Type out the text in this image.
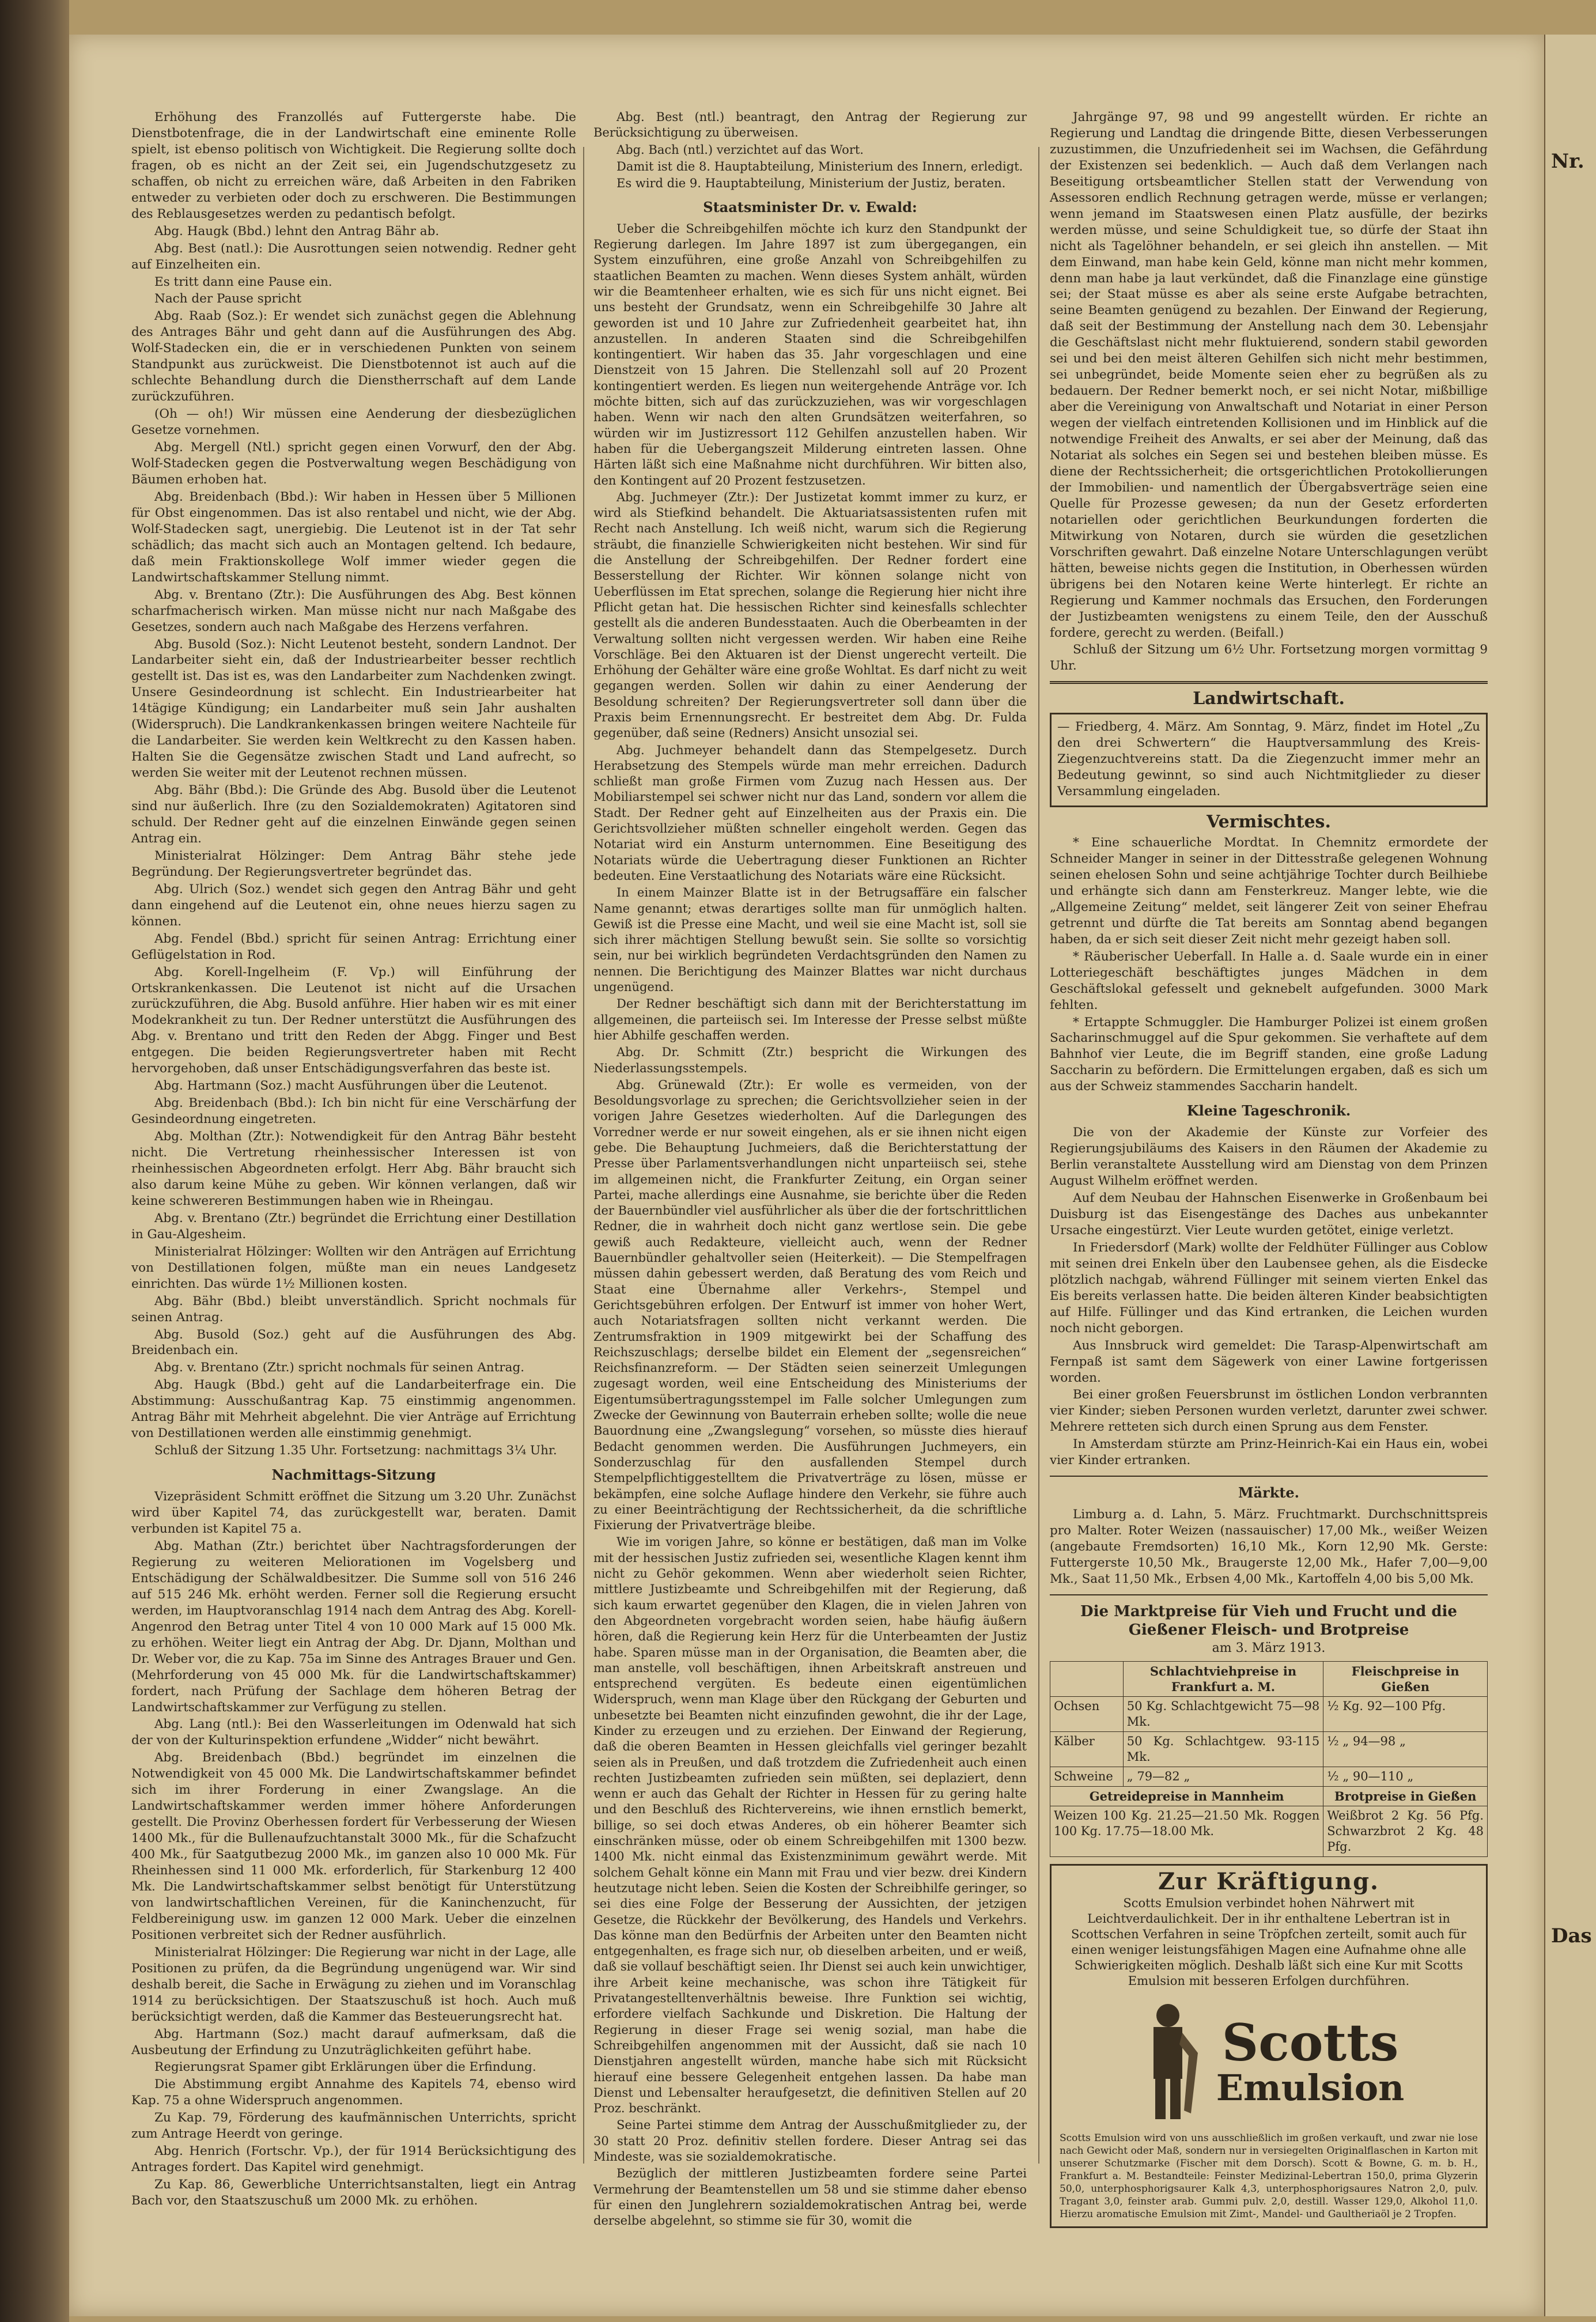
Erhöhung des Franzollés auf Futtergerste habe. Die Dienstbotenfrage, die in der Landwirtschaft eine eminente Rolle spielt, ist ebenso politisch von Wichtigkeit. Die Regierung sollte doch fragen, ob es nicht an der Zeit sei, ein Jugendschutzgesetz zu schaffen, ob nicht zu erreichen wäre, daß Arbeiten in den Fabriken entweder zu verbieten oder doch zu erschweren. Die Bestimmungen des Reblausgesetzes werden zu pedantisch befolgt.

Abg. Haugk (Bbd.) lehnt den Antrag Bähr ab.

Abg. Best (natl.): Die Ausrottungen seien notwendig. Redner geht auf Einzelheiten ein.

Es tritt dann eine Pause ein.

Nach der Pause spricht

Abg. Raab (Soz.): Er wendet sich zunächst gegen die Ablehnung des Antrages Bähr und geht dann auf die Ausführungen des Abg. Wolf-Stadecken ein, die er in verschiedenen Punkten von seinem Standpunkt aus zurückweist. Die Dienstbotennot ist auch auf die schlechte Behandlung durch die Dienstherrschaft auf dem Lande zurückzuführen.

(Oh — oh!) Wir müssen eine Aenderung der diesbezüglichen Gesetze vornehmen.

Abg. Mergell (Ntl.) spricht gegen einen Vorwurf, den der Abg. Wolf-Stadecken gegen die Postverwaltung wegen Beschädigung von Bäumen erhoben hat.

Abg. Breidenbach (Bbd.): Wir haben in Hessen über 5 Millionen für Obst eingenommen. Das ist also rentabel und nicht, wie der Abg. Wolf-Stadecken sagt, unergiebig. Die Leutenot ist in der Tat sehr schädlich; das macht sich auch an Montagen geltend. Ich bedaure, daß mein Fraktionskollege Wolf immer wieder gegen die Landwirtschaftskammer Stellung nimmt.

Abg. v. Brentano (Ztr.): Die Ausführungen des Abg. Best können scharfmacherisch wirken. Man müsse nicht nur nach Maßgabe des Gesetzes, sondern auch nach Maßgabe des Herzens verfahren.

Abg. Busold (Soz.): Nicht Leutenot besteht, sondern Landnot. Der Landarbeiter sieht ein, daß der Industriearbeiter besser rechtlich gestellt ist. Das ist es, was den Landarbeiter zum Nachdenken zwingt. Unsere Gesindeordnung ist schlecht. Ein Industriearbeiter hat 14tägige Kündigung; ein Landarbeiter muß sein Jahr aushalten (Widerspruch). Die Landkrankenkassen bringen weitere Nachteile für die Landarbeiter. Sie werden kein Weltkrecht zu den Kassen haben. Halten Sie die Gegensätze zwischen Stadt und Land aufrecht, so werden Sie weiter mit der Leutenot rechnen müssen.

Abg. Bähr (Bbd.): Die Gründe des Abg. Busold über die Leutenot sind nur äußerlich. Ihre (zu den Sozialdemokraten) Agitatoren sind schuld. Der Redner geht auf die einzelnen Einwände gegen seinen Antrag ein.

Ministerialrat Hölzinger: Dem Antrag Bähr stehe jede Begründung. Der Regierungsvertreter begründet das.

Abg. Ulrich (Soz.) wendet sich gegen den Antrag Bähr und geht dann eingehend auf die Leutenot ein, ohne neues hierzu sagen zu können.

Abg. Fendel (Bbd.) spricht für seinen Antrag: Errichtung einer Geflügelstation in Rod.

Abg. Korell-Ingelheim (F. Vp.) will Einführung der Ortskrankenkassen. Die Leutenot ist nicht auf die Ursachen zurückzuführen, die Abg. Busold anführe. Hier haben wir es mit einer Modekrankheit zu tun. Der Redner unterstützt die Ausführungen des Abg. v. Brentano und tritt den Reden der Abgg. Finger und Best entgegen. Die beiden Regierungsvertreter haben mit Recht hervorgehoben, daß unser Entschädigungsverfahren das beste ist.

Abg. Hartmann (Soz.) macht Ausführungen über die Leutenot.

Abg. Breidenbach (Bbd.): Ich bin nicht für eine Verschärfung der Gesindeordnung eingetreten.

Abg. Molthan (Ztr.): Notwendigkeit für den Antrag Bähr besteht nicht. Die Vertretung rheinhessischer Interessen ist von rheinhessischen Abgeordneten erfolgt. Herr Abg. Bähr braucht sich also darum keine Mühe zu geben. Wir können verlangen, daß wir keine schwereren Bestimmungen haben wie in Rheingau.

Abg. v. Brentano (Ztr.) begründet die Errichtung einer Destillation in Gau-Algesheim.

Ministerialrat Hölzinger: Wollten wir den Anträgen auf Errichtung von Destillationen folgen, müßte man ein neues Landgesetz einrichten. Das würde 1½ Millionen kosten.

Abg. Bähr (Bbd.) bleibt unverständlich. Spricht nochmals für seinen Antrag.

Abg. Busold (Soz.) geht auf die Ausführungen des Abg. Breidenbach ein.

Abg. v. Brentano (Ztr.) spricht nochmals für seinen Antrag.

Abg. Haugk (Bbd.) geht auf die Landarbeiterfrage ein. Die Abstimmung: Ausschußantrag Kap. 75 einstimmig angenommen. Antrag Bähr mit Mehrheit abgelehnt. Die vier Anträge auf Errichtung von Destillationen werden alle einstimmig genehmigt.

Schluß der Sitzung 1.35 Uhr. Fortsetzung: nachmittags 3¼ Uhr.

Nachmittags-Sitzung

Vizepräsident Schmitt eröffnet die Sitzung um 3.20 Uhr. Zunächst wird über Kapitel 74, das zurückgestellt war, beraten. Damit verbunden ist Kapitel 75 a.

Abg. Mathan (Ztr.) berichtet über Nachtragsforderungen der Regierung zu weiteren Meliorationen im Vogelsberg und Entschädigung der Schälwaldbesitzer. Die Summe soll von 516 246 auf 515 246 Mk. erhöht werden. Ferner soll die Regierung ersucht werden, im Hauptvoranschlag 1914 nach dem Antrag des Abg. Korell-Angenrod den Betrag unter Titel 4 von 10 000 Mark auf 15 000 Mk. zu erhöhen. Weiter liegt ein Antrag der Abg. Dr. Djann, Molthan und Dr. Weber vor, die zu Kap. 75a im Sinne des Antrages Brauer und Gen. (Mehrforderung von 45 000 Mk. für die Landwirtschaftskammer) fordert, nach Prüfung der Sachlage dem höheren Betrag der Landwirtschaftskammer zur Verfügung zu stellen.

Abg. Lang (ntl.): Bei den Wasserleitungen im Odenwald hat sich der von der Kulturinspektion erfundene „Widder“ nicht bewährt.

Abg. Breidenbach (Bbd.) begründet im einzelnen die Notwendigkeit von 45 000 Mk. Die Landwirtschaftskammer befindet sich im ihrer Forderung in einer Zwangslage. An die Landwirtschaftskammer werden immer höhere Anforderungen gestellt. Die Provinz Oberhessen fordert für Verbesserung der Wiesen 1400 Mk., für die Bullenaufzuchtanstalt 3000 Mk., für die Schafzucht 400 Mk., für Saatgutbezug 2000 Mk., im ganzen also 10 000 Mk. Für Rheinhessen sind 11 000 Mk. erforderlich, für Starkenburg 12 400 Mk. Die Landwirtschaftskammer selbst benötigt für Unterstützung von landwirtschaftlichen Vereinen, für die Kaninchenzucht, für Feldbereinigung usw. im ganzen 12 000 Mark. Ueber die einzelnen Positionen verbreitet sich der Redner ausführlich.

Ministerialrat Hölzinger: Die Regierung war nicht in der Lage, alle Positionen zu prüfen, da die Begründung ungenügend war. Wir sind deshalb bereit, die Sache in Erwägung zu ziehen und im Voranschlag 1914 zu berücksichtigen. Der Staatszuschuß ist hoch. Auch muß berücksichtigt werden, daß die Kammer das Besteuerungsrecht hat.

Abg. Hartmann (Soz.) macht darauf aufmerksam, daß die Ausbeutung der Erfindung zu Unzuträglichkeiten geführt habe.

Regierungsrat Spamer gibt Erklärungen über die Erfindung.

Die Abstimmung ergibt Annahme des Kapitels 74, ebenso wird Kap. 75 a ohne Widerspruch angenommen.

Zu Kap. 79, Förderung des kaufmännischen Unterrichts, spricht zum Antrage Heerdt von geringe.

Abg. Henrich (Fortschr. Vp.), der für 1914 Berücksichtigung des Antrages fordert. Das Kapitel wird genehmigt.

Zu Kap. 86, Gewerbliche Unterrichtsanstalten, liegt ein Antrag Bach vor, den Staatszuschuß um 2000 Mk. zu erhöhen.

Abg. Best (ntl.) beantragt, den Antrag der Regierung zur Berücksichtigung zu überweisen.

Abg. Bach (ntl.) verzichtet auf das Wort.

Damit ist die 8. Hauptabteilung, Ministerium des Innern, erledigt.

Es wird die 9. Hauptabteilung, Ministerium der Justiz, beraten.

Staatsminister Dr. v. Ewald:

Ueber die Schreibgehilfen möchte ich kurz den Standpunkt der Regierung darlegen. Im Jahre 1897 ist zum übergegangen, ein System einzuführen, eine große Anzahl von Schreibgehilfen zu staatlichen Beamten zu machen. Wenn dieses System anhält, würden wir die Beamtenheer erhalten, wie es sich für uns nicht eignet. Bei uns besteht der Grundsatz, wenn ein Schreibgehilfe 30 Jahre alt geworden ist und 10 Jahre zur Zufriedenheit gearbeitet hat, ihn anzustellen. In anderen Staaten sind die Schreibgehilfen kontingentiert. Wir haben das 35. Jahr vorgeschlagen und eine Dienstzeit von 15 Jahren. Die Stellenzahl soll auf 20 Prozent kontingentiert werden. Es liegen nun weitergehende Anträge vor. Ich möchte bitten, sich auf das zurückzuziehen, was wir vorgeschlagen haben. Wenn wir nach den alten Grundsätzen weiterfahren, so würden wir im Justizressort 112 Gehilfen anzustellen haben. Wir haben für die Uebergangszeit Milderung eintreten lassen. Ohne Härten läßt sich eine Maßnahme nicht durchführen. Wir bitten also, den Kontingent auf 20 Prozent festzusetzen.

Abg. Juchmeyer (Ztr.): Der Justizetat kommt immer zu kurz, er wird als Stiefkind behandelt. Die Aktuariatsassistenten rufen mit Recht nach Anstellung. Ich weiß nicht, warum sich die Regierung sträubt, die finanzielle Schwierigkeiten nicht bestehen. Wir sind für die Anstellung der Schreibgehilfen. Der Redner fordert eine Besserstellung der Richter. Wir können solange nicht von Ueberflüssen im Etat sprechen, solange die Regierung hier nicht ihre Pflicht getan hat. Die hessischen Richter sind keinesfalls schlechter gestellt als die anderen Bundesstaaten. Auch die Oberbeamten in der Verwaltung sollten nicht vergessen werden. Wir haben eine Reihe Vorschläge. Bei den Aktuaren ist der Dienst ungerecht verteilt. Die Erhöhung der Gehälter wäre eine große Wohltat. Es darf nicht zu weit gegangen werden. Sollen wir dahin zu einer Aenderung der Besoldung schreiten? Der Regierungsvertreter soll dann über die Praxis beim Ernennungsrecht. Er bestreitet dem Abg. Dr. Fulda gegenüber, daß seine (Redners) Ansicht unsozial sei.

Abg. Juchmeyer behandelt dann das Stempelgesetz. Durch Herabsetzung des Stempels würde man mehr erreichen. Dadurch schließt man große Firmen vom Zuzug nach Hessen aus. Der Mobiliarstempel sei schwer nicht nur das Land, sondern vor allem die Stadt. Der Redner geht auf Einzelheiten aus der Praxis ein. Die Gerichtsvollzieher müßten schneller eingeholt werden. Gegen das Notariat wird ein Ansturm unternommen. Eine Beseitigung des Notariats würde die Uebertragung dieser Funktionen an Richter bedeuten. Eine Verstaatlichung des Notariats wäre eine Rücksicht.

In einem Mainzer Blatte ist in der Betrugsaffäre ein falscher Name genannt; etwas derartiges sollte man für unmöglich halten. Gewiß ist die Presse eine Macht, und weil sie eine Macht ist, soll sie sich ihrer mächtigen Stellung bewußt sein. Sie sollte so vorsichtig sein, nur bei wirklich begründeten Verdachtsgründen den Namen zu nennen. Die Berichtigung des Mainzer Blattes war nicht durchaus ungenügend.

Der Redner beschäftigt sich dann mit der Berichterstattung im allgemeinen, die parteiisch sei. Im Interesse der Presse selbst müßte hier Abhilfe geschaffen werden.

Abg. Dr. Schmitt (Ztr.) bespricht die Wirkungen des Niederlassungsstempels.

Abg. Grünewald (Ztr.): Er wolle es vermeiden, von der Besoldungsvorlage zu sprechen; die Gerichtsvollzieher seien in der vorigen Jahre Gesetzes wiederholten. Auf die Darlegungen des Vorredner werde er nur soweit eingehen, als er sie ihnen nicht eigen gebe. Die Behauptung Juchmeiers, daß die Berichterstattung der Presse über Parlamentsverhandlungen nicht unparteiisch sei, stehe im allgemeinen nicht, die Frankfurter Zeitung, ein Organ seiner Partei, mache allerdings eine Ausnahme, sie berichte über die Reden der Bauernbündler viel ausführlicher als über die der fortschrittlichen Redner, die in wahrheit doch nicht ganz wertlose sein. Die gebe gewiß auch Redakteure, vielleicht auch, wenn der Redner Bauernbündler gehaltvoller seien (Heiterkeit). — Die Stempelfragen müssen dahin gebessert werden, daß Beratung des vom Reich und Staat eine Übernahme aller Verkehrs-, Stempel und Gerichtsgebühren erfolgen. Der Entwurf ist immer von hoher Wert, auch Notariatsfragen sollten nicht verkannt werden. Die Zentrumsfraktion in 1909 mitgewirkt bei der Schaffung des Reichszuschlags; derselbe bildet ein Element der „segensreichen“ Reichsfinanzreform. — Der Städten seien seinerzeit Umlegungen zugesagt worden, weil eine Entscheidung des Ministeriums der Eigentumsübertragungsstempel im Falle solcher Umlegungen zum Zwecke der Gewinnung von Bauterrain erheben sollte; wolle die neue Bauordnung eine „Zwangslegung“ vorsehen, so müsste dies hierauf Bedacht genommen werden. Die Ausführungen Juchmeyers, ein Sonderzuschlag für den ausfallenden Stempel durch Stempelpflichtiggestelltem die Privatverträge zu lösen, müsse er bekämpfen, eine solche Auflage hindere den Verkehr, sie führe auch zu einer Beeinträchtigung der Rechtssicherheit, da die schriftliche Fixierung der Privatverträge bleibe.

Wie im vorigen Jahre, so könne er bestätigen, daß man im Volke mit der hessischen Justiz zufrieden sei, wesentliche Klagen kennt ihm nicht zu Gehör gekommen. Wenn aber wiederholt seien Richter, mittlere Justizbeamte und Schreibgehilfen mit der Regierung, daß sich kaum erwartet gegenüber den Klagen, die in vielen Jahren von den Abgeordneten vorgebracht worden seien, habe häufig äußern hören, daß die Regierung kein Herz für die Unterbeamten der Justiz habe. Sparen müsse man in der Organisation, die Beamten aber, die man anstelle, voll beschäftigen, ihnen Arbeitskraft anstreuen und entsprechend vergüten. Es bedeute einen eigentümlichen Widerspruch, wenn man Klage über den Rückgang der Geburten und unbesetzte bei Beamten nicht einzufinden gewohnt, die ihr der Lage, Kinder zu erzeugen und zu erziehen. Der Einwand der Regierung, daß die oberen Beamten in Hessen gleichfalls viel geringer bezahlt seien als in Preußen, und daß trotzdem die Zufriedenheit auch einen rechten Justizbeamten zufrieden sein müßten, sei deplaziert, denn wenn er auch das Gehalt der Richter in Hessen für zu gering halte und den Beschluß des Richtervereins, wie ihnen ernstlich bemerkt, billige, so sei doch etwas Anderes, ob ein höherer Beamter sich einschränken müsse, oder ob einem Schreibgehilfen mit 1300 bezw. 1400 Mk. nicht einmal das Existenzminimum gewährt werde. Mit solchem Gehalt könne ein Mann mit Frau und vier bezw. drei Kindern heutzutage nicht leben. Seien die Kosten der Schreibhilfe geringer, so sei dies eine Folge der Besserung der Aussichten, der jetzigen Gesetze, die Rückkehr der Bevölkerung, des Handels und Verkehrs. Das könne man den Bedürfnis der Arbeiten unter den Beamten nicht entgegenhalten, es frage sich nur, ob dieselben arbeiten, und er weiß, daß sie vollauf beschäftigt seien. Ihr Dienst sei auch kein unwichtiger, ihre Arbeit keine mechanische, was schon ihre Tätigkeit für Privatangestelltenverhältnis beweise. Ihre Funktion sei wichtig, erfordere vielfach Sachkunde und Diskretion. Die Haltung der Regierung in dieser Frage sei wenig sozial, man habe die Schreibgehilfen angenommen mit der Aussicht, daß sie nach 10 Dienstjahren angestellt würden, manche habe sich mit Rücksicht hierauf eine bessere Gelegenheit entgehen lassen. Da habe man Dienst und Lebensalter heraufgesetzt, die definitiven Stellen auf 20 Proz. beschränkt.

Seine Partei stimme dem Antrag der Ausschußmitglieder zu, der 30 statt 20 Proz. definitiv stellen fordere. Dieser Antrag sei das Mindeste, was sie sozialdemokratische.

Bezüglich der mittleren Justizbeamten fordere seine Partei Vermehrung der Beamtenstellen um 58 und sie stimme daher ebenso für einen den Junglehrern sozialdemokratischen Antrag bei, werde derselbe abgelehnt, so stimme sie für 30, womit die

Jahrgänge 97, 98 und 99 angestellt würden. Er richte an Regierung und Landtag die dringende Bitte, diesen Verbesserungen zuzustimmen, die Unzufriedenheit sei im Wachsen, die Gefährdung der Existenzen sei bedenklich. — Auch daß dem Verlangen nach Beseitigung ortsbeamtlicher Stellen statt der Verwendung von Assessoren endlich Rechnung getragen werde, müsse er verlangen; wenn jemand im Staatswesen einen Platz ausfülle, der bezirks werden müsse, und seine Schuldigkeit tue, so dürfe der Staat ihn nicht als Tagelöhner behandeln, er sei gleich ihn anstellen. — Mit dem Einwand, man habe kein Geld, könne man nicht mehr kommen, denn man habe ja laut verkündet, daß die Finanzlage eine günstige sei; der Staat müsse es aber als seine erste Aufgabe betrachten, seine Beamten genügend zu bezahlen. Der Einwand der Regierung, daß seit der Bestimmung der Anstellung nach dem 30. Lebensjahr die Geschäftslast nicht mehr fluktuierend, sondern stabil geworden sei und bei den meist älteren Gehilfen sich nicht mehr bestimmen, sei unbegründet, beide Momente seien eher zu begrüßen als zu bedauern. Der Redner bemerkt noch, er sei nicht Notar, mißbillige aber die Vereinigung von Anwaltschaft und Notariat in einer Person wegen der vielfach eintretenden Kollisionen und im Hinblick auf die notwendige Freiheit des Anwalts, er sei aber der Meinung, daß das Notariat als solches ein Segen sei und bestehen bleiben müsse. Es diene der Rechtssicherheit; die ortsgerichtlichen Protokollierungen der Immobilien- und namentlich der Übergabsverträge seien eine Quelle für Prozesse gewesen; da nun der Gesetz erforderten notariellen oder gerichtlichen Beurkundungen forderten die Mitwirkung von Notaren, durch sie würden die gesetzlichen Vorschriften gewahrt. Daß einzelne Notare Unterschlagungen verübt hätten, beweise nichts gegen die Institution, in Oberhessen würden übrigens bei den Notaren keine Werte hinterlegt. Er richte an Regierung und Kammer nochmals das Ersuchen, den Forderungen der Justizbeamten wenigstens zu einem Teile, den der Ausschuß fordere, gerecht zu werden. (Beifall.)

Schluß der Sitzung um 6½ Uhr. Fortsetzung morgen vormittag 9 Uhr.

Landwirtschaft.

— Friedberg, 4. März. Am Sonntag, 9. März, findet im Hotel „Zu den drei Schwertern“ die Hauptversammlung des Kreis-Ziegenzuchtvereins statt. Da die Ziegenzucht immer mehr an Bedeutung gewinnt, so sind auch Nichtmitglieder zu dieser Versammlung eingeladen.

Vermischtes.

* Eine schauerliche Mordtat. In Chemnitz ermordete der Schneider Manger in seiner in der Dittesstraße gelegenen Wohnung seinen ehelosen Sohn und seine achtjährige Tochter durch Beilhiebe und erhängte sich dann am Fensterkreuz. Manger lebte, wie die „Allgemeine Zeitung“ meldet, seit längerer Zeit von seiner Ehefrau getrennt und dürfte die Tat bereits am Sonntag abend begangen haben, da er sich seit dieser Zeit nicht mehr gezeigt haben soll.

* Räuberischer Ueberfall. In Halle a. d. Saale wurde ein in einer Lotteriegeschäft beschäftigtes junges Mädchen in dem Geschäftslokal gefesselt und geknebelt aufgefunden. 3000 Mark fehlten.

* Ertappte Schmuggler. Die Hamburger Polizei ist einem großen Sacharinschmuggel auf die Spur gekommen. Sie verhaftete auf dem Bahnhof vier Leute, die im Begriff standen, eine große Ladung Saccharin zu befördern. Die Ermittelungen ergaben, daß es sich um aus der Schweiz stammendes Saccharin handelt.

Kleine Tageschronik.

Die von der Akademie der Künste zur Vorfeier des Regierungsjubiläums des Kaisers in den Räumen der Akademie zu Berlin veranstaltete Ausstellung wird am Dienstag von dem Prinzen August Wilhelm eröffnet werden.

Auf dem Neubau der Hahnschen Eisenwerke in Großenbaum bei Duisburg ist das Eisengestänge des Daches aus unbekannter Ursache eingestürzt. Vier Leute wurden getötet, einige verletzt.

In Friedersdorf (Mark) wollte der Feldhüter Füllinger aus Coblow mit seinen drei Enkeln über den Laubensee gehen, als die Eisdecke plötzlich nachgab, während Füllinger mit seinem vierten Enkel das Eis bereits verlassen hatte. Die beiden älteren Kinder beabsichtigten auf Hilfe. Füllinger und das Kind ertranken, die Leichen wurden noch nicht geborgen.

Aus Innsbruck wird gemeldet: Die Tarasp-Alpenwirtschaft am Fernpaß ist samt dem Sägewerk von einer Lawine fortgerissen worden.

Bei einer großen Feuersbrunst im östlichen London verbrannten vier Kinder; sieben Personen wurden verletzt, darunter zwei schwer. Mehrere retteten sich durch einen Sprung aus dem Fenster.

In Amsterdam stürzte am Prinz-Heinrich-Kai ein Haus ein, wobei vier Kinder ertranken.

Märkte.

Limburg a. d. Lahn, 5. März. Fruchtmarkt. Durchschnittspreis pro Malter. Roter Weizen (nassauischer) 17,00 Mk., weißer Weizen (angebaute Fremdsorten) 16,10 Mk., Korn 12,90 Mk. Gerste: Futtergerste 10,50 Mk., Braugerste 12,00 Mk., Hafer 7,00—9,00 Mk., Saat 11,50 Mk., Erbsen 4,00 Mk., Kartoffeln 4,00 bis 5,00 Mk.

Die Marktpreise für Vieh und Frucht und die Gießener Fleisch- und Brotpreise
am 3. März 1913.
	Schlachtviehpreise in Frankfurt a. M.	Fleischpreise in Gießen
Ochsen	50 Kg. Schlachtgewicht 75—98 Mk.	½ Kg. 92—100 Pfg.
Kälber	50 Kg. Schlachtgew. 93-115 Mk.	½ „ 94—98 „
Schweine	„ 79—82 „	½ „ 90—110 „
Getreidepreise in Mannheim		Brotpreise in Gießen
Weizen 100 Kg. 21.25—21.50 Mk. Roggen 100 Kg. 17.75—18.00 Mk.		Weißbrot 2 Kg. 56 Pfg. Schwarzbrot 2 Kg. 48 Pfg.
Zur Kräftigung.
Scotts Emulsion verbindet hohen Nährwert mit Leichtverdaulichkeit. Der in ihr enthaltene Lebertran ist in Scottschen Verfahren in seine Tröpfchen zerteilt, somit auch für einen weniger leistungsfähigen Magen eine Aufnahme ohne alle Schwierigkeiten möglich. Deshalb läßt sich eine Kur mit Scotts Emulsion mit besseren Erfolgen durchführen.
Scotts
Emulsion
Scotts Emulsion wird von uns ausschließlich im großen verkauft, und zwar nie lose nach Gewicht oder Maß, sondern nur in versiegelten Originalflaschen in Karton mit unserer Schutzmarke (Fischer mit dem Dorsch). Scott & Bowne, G. m. b. H., Frankfurt a. M. Bestandteile: Feinster Medizinal-Lebertran 150,0, prima Glyzerin 50,0, unterphosphorigsaurer Kalk 4,3, unterphosphorigsaures Natron 2,0, pulv. Tragant 3,0, feinster arab. Gummi pulv. 2,0, destill. Wasser 129,0, Alkohol 11,0. Hierzu aromatische Emulsion mit Zimt-, Mandel- und Gaultheriaöl je 2 Tropfen.
Nr.
Das
